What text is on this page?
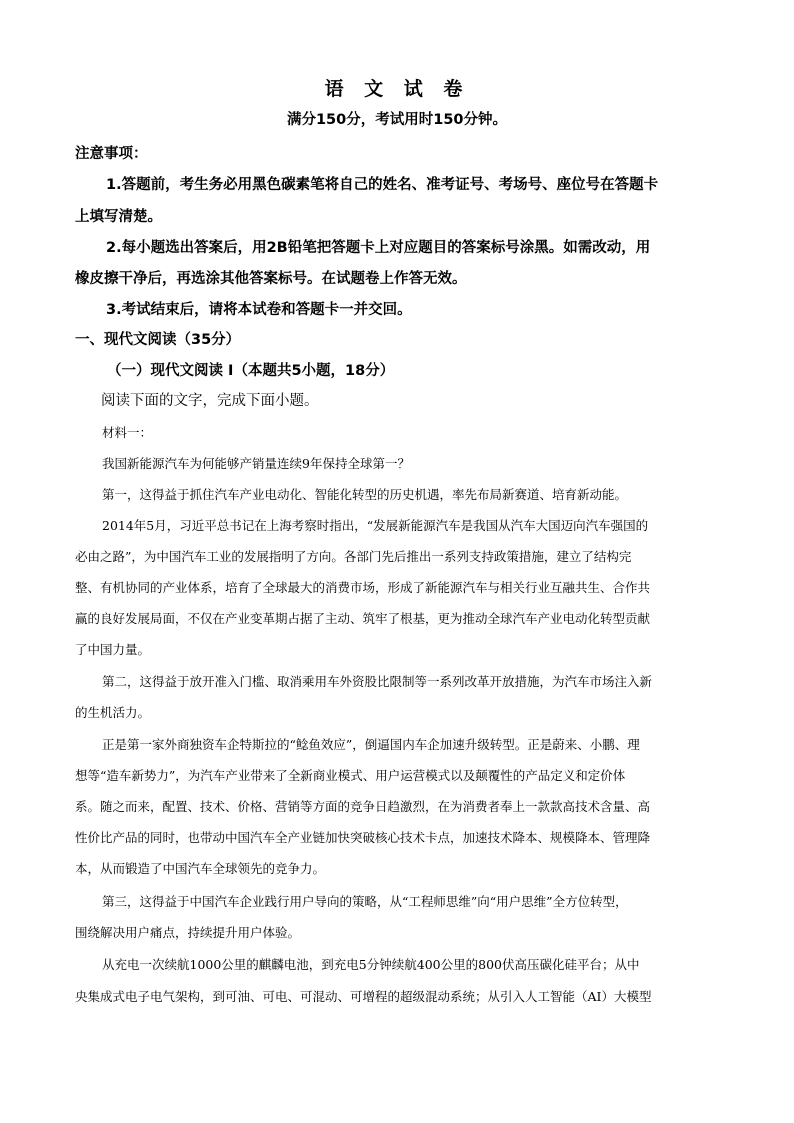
语 文 试 卷
满分150分，考试用时150分钟。
注意事项：
1.答题前，考生务必用黑色碳素笔将自己的姓名、准考证号、考场号、座位号在答题卡
上填写清楚。
2.每小题选出答案后，用2B铅笔把答题卡上对应题目的答案标号涂黑。如需改动，用
橡皮擦干净后，再选涂其他答案标号。在试题卷上作答无效。
3.考试结束后，请将本试卷和答题卡一并交回。
一、现代文阅读（35分）
（一）现代文阅读 I（本题共5小题，18分）
阅读下面的文字，完成下面小题。
材料一：
我国新能源汽车为何能够产销量连续9年保持全球第一？
第一，这得益于抓住汽车产业电动化、智能化转型的历史机遇，率先布局新赛道、培育新动能。
2014年5月，习近平总书记在上海考察时指出，“发展新能源汽车是我国从汽车大国迈向汽车强国的
必由之路”，为中国汽车工业的发展指明了方向。各部门先后推出一系列支持政策措施，建立了结构完
整、有机协同的产业体系，培育了全球最大的消费市场，形成了新能源汽车与相关行业互融共生、合作共
赢的良好发展局面，不仅在产业变革期占据了主动、筑牢了根基，更为推动全球汽车产业电动化转型贡献
了中国力量。
第二，这得益于放开准入门槛、取消乘用车外资股比限制等一系列改革开放措施，为汽车市场注入新
的生机活力。
正是第一家外商独资车企特斯拉的“鲶鱼效应”，倒逼国内车企加速升级转型。正是蔚来、小鹏、理
想等“造车新势力”，为汽车产业带来了全新商业模式、用户运营模式以及颠覆性的产品定义和定价体
系。随之而来，配置、技术、价格、营销等方面的竞争日趋激烈，在为消费者奉上一款款高技术含量、高
性价比产品的同时，也带动中国汽车全产业链加快突破核心技术卡点，加速技术降本、规模降本、管理降
本，从而锻造了中国汽车全球领先的竞争力。
第三，这得益于中国汽车企业践行用户导向的策略，从“工程师思维”向“用户思维”全方位转型，
围绕解决用户痛点，持续提升用户体验。
从充电一次续航1000公里的麒麟电池，到充电5分钟续航400公里的800伏高压碳化硅平台；从中
央集成式电子电气架构，到可油、可电、可混动、可增程的超级混动系统；从引入人工智能（AI）大模型
